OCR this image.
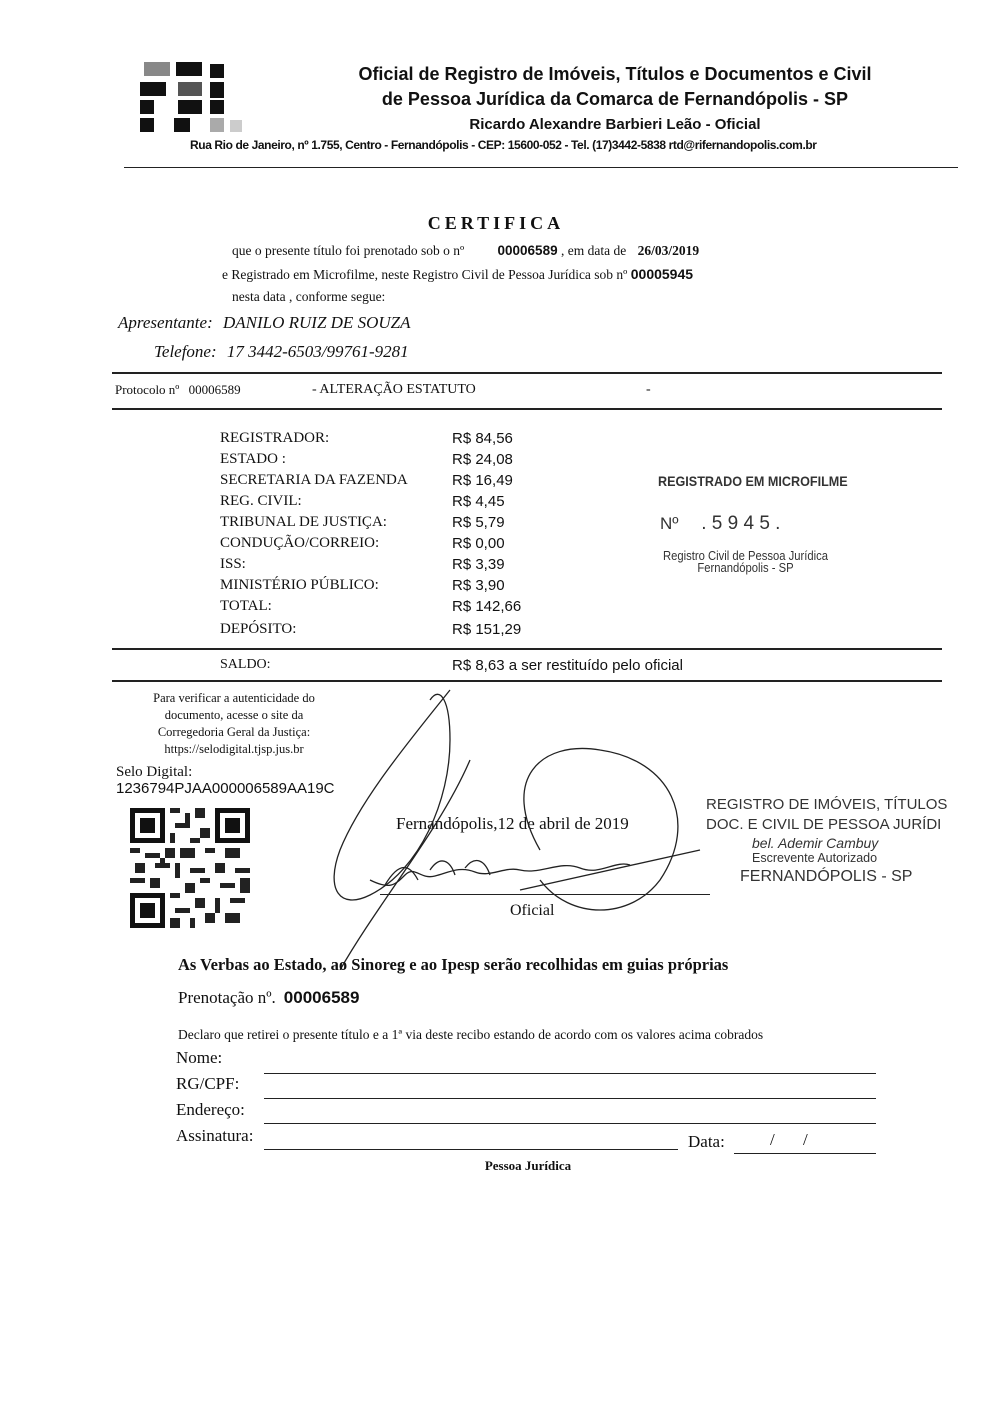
Oficial de Registro de Imóveis, Títulos e Documentos e Civil
de Pessoa Jurídica da Comarca de Fernandópolis - SP
Ricardo Alexandre Barbieri Leão - Oficial
Rua Rio de Janeiro, nº 1.755, Centro - Fernandópolis - CEP: 15600-052 - Tel. (17)3442-5838 rtd@rifernandopolis.com.br
CERTIFICA
que o presente título foi prenotado sob o nº 00006589 , em data de 26/03/2019
e Registrado em Microfilme, neste Registro Civil de Pessoa Jurídica sob nº 00005945
nesta data , conforme segue:
Apresentante: DANILO RUIZ DE SOUZA
Telefone: 17 3442-6503/99761-9281
Protocolo nº 00006589	- ALTERAÇÃO ESTATUTO	-
REGISTRADOR:	R$ 84,56
ESTADO :	R$ 24,08
SECRETARIA DA FAZENDA	R$ 16,49
REG. CIVIL:	R$ 4,45
TRIBUNAL DE JUSTIÇA:	R$ 5,79
CONDUÇÃO/CORREIO:	R$ 0,00
ISS:	R$ 3,39
MINISTÉRIO PÚBLICO:	R$ 3,90
TOTAL:	R$ 142,66
DEPÓSITO:	R$ 151,29
REGISTRADO EM MICROFILME
Nº . 5 9 4 5 .
Registro Civil de Pessoa Jurídica
Fernandópolis - SP
SALDO:	R$ 8,63 a ser restituído pelo oficial
Para verificar a autenticidade do
documento, acesse o site da
Corregedoria Geral da Justiça:
https://selodigital.tjsp.jus.br
Selo Digital:
1236794PJAA000006589AA19C
Fernandópolis,12 de abril de 2019
Oficial
REGISTRO DE IMÓVEIS, TÍTULOS
DOC. E CIVIL DE PESSOA JURÍDI
bel. Ademir Cambuy
Escrevente Autorizado
FERNANDÓPOLIS - SP
As Verbas ao Estado, ao Sinoreg e ao Ipesp serão recolhidas em guias próprias
Prenotação nº. 00006589
Declaro que retirei o presente título e a 1ª via deste recibo estando de acordo com os valores acima cobrados
Nome:
RG/CPF:
Endereço:
Assinatura:	Data:	/ /
Pessoa Jurídica
